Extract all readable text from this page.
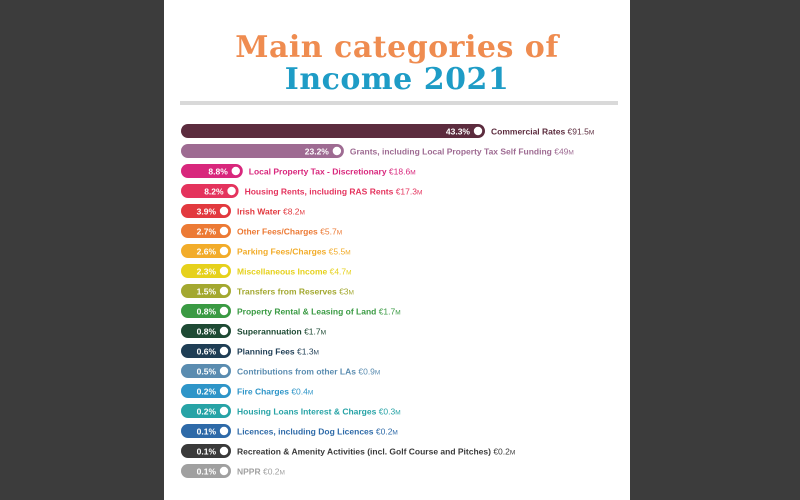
Main categories of
Income 2021
43.3% Commercial Rates €91.5M
23.2% Grants, including Local Property Tax Self Funding €49M
8.8% Local Property Tax - Discretionary €18.6M
8.2% Housing Rents, including RAS Rents €17.3M
3.9% Irish Water €8.2M
2.7% Other Fees/Charges €5.7M
2.6% Parking Fees/Charges €5.5M
2.3% Miscellaneous Income €4.7M
1.5% Transfers from Reserves €3M
0.8% Property Rental & Leasing of Land €1.7M
0.8% Superannuation €1.7M
0.6% Planning Fees €1.3M
0.5% Contributions from other LAs €0.9M
0.2% Fire Charges €0.4M
0.2% Housing Loans Interest & Charges €0.3M
0.1% Licences, including Dog Licences €0.2M
0.1% Recreation & Amenity Activities (incl. Golf Course and Pitches) €0.2M
0.1% NPPR €0.2M
